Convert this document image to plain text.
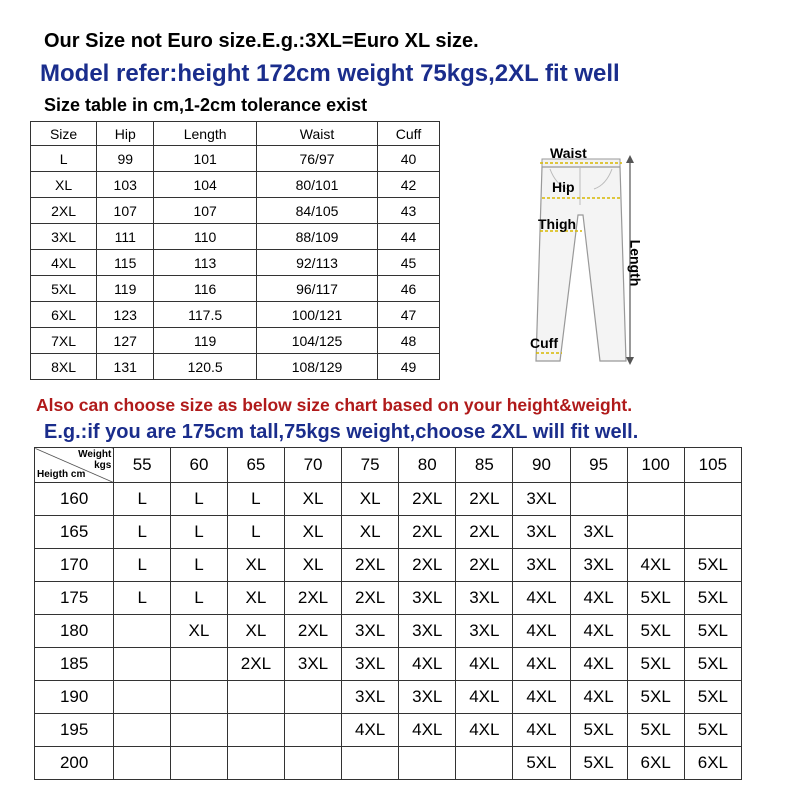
Our Size not Euro size.E.g.:3XL=Euro XL size.
Model refer:height 172cm weight 75kgs,2XL fit well
Size table in cm,1-2cm tolerance exist
Size	Hip	Length	Waist	Cuff
L	99	101	76/97	40
XL	103	104	80/101	42
2XL	107	107	84/105	43
3XL	111	110	88/109	44
4XL	115	113	92/113	45
5XL	119	116	96/117	46
6XL	123	117.5	100/121	47
7XL	127	119	104/125	48
8XL	131	120.5	108/129	49
Waist
Hip
Thigh
Cuff
Length
Also can choose size as below size chart based on your height&weight.
E.g.:if you are 175cm tall,75kgs weight,choose 2XL will fit well.
Weight
kgs
Heigth cm	55	60	65	70	75	80	85	90	95	100	105
160	L	L	L	XL	XL	2XL	2XL	3XL			
165	L	L	L	XL	XL	2XL	2XL	3XL	3XL		
170	L	L	XL	XL	2XL	2XL	2XL	3XL	3XL	4XL	5XL
175	L	L	XL	2XL	2XL	3XL	3XL	4XL	4XL	5XL	5XL
180		XL	XL	2XL	3XL	3XL	3XL	4XL	4XL	5XL	5XL
185			2XL	3XL	3XL	4XL	4XL	4XL	4XL	5XL	5XL
190					3XL	3XL	4XL	4XL	4XL	5XL	5XL
195					4XL	4XL	4XL	4XL	5XL	5XL	5XL
200								5XL	5XL	6XL	6XL
